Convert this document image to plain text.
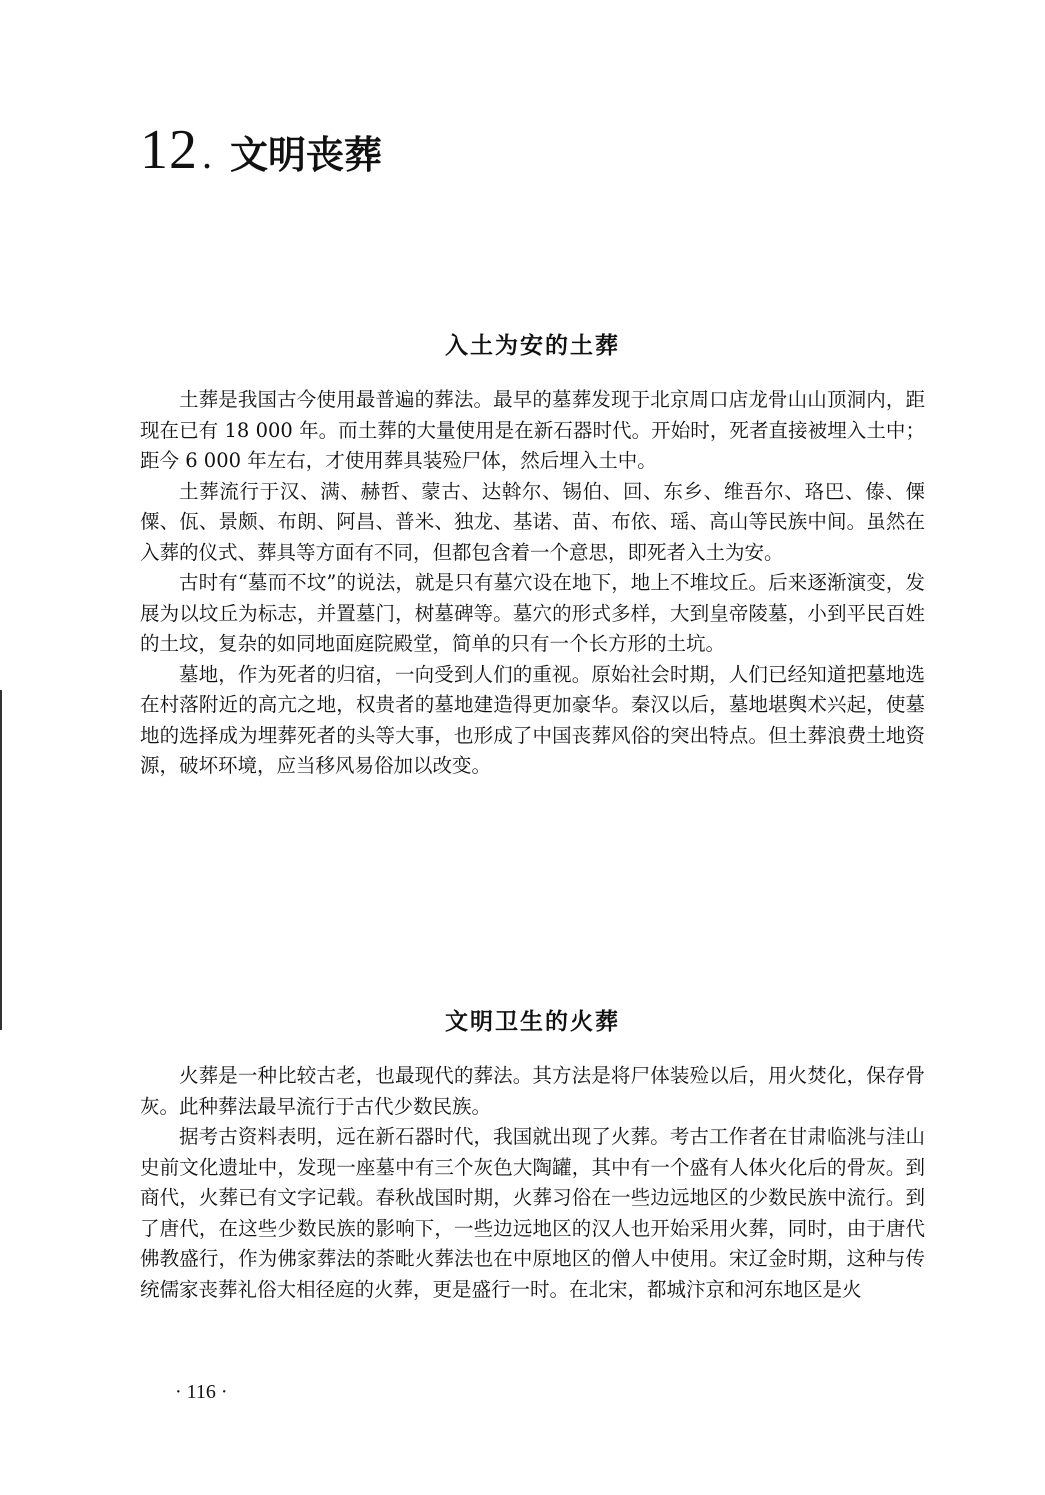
12 . 文明丧葬
入土为安的土葬

土葬是我国古今使用最普遍的葬法。最早的墓葬发现于北京周口店龙骨山山顶洞内，距现在已有 18 000 年。而土葬的大量使用是在新石器时代。开始时，死者直接被埋入土中；距今 6 000 年左右，才使用葬具装殓尸体，然后埋入土中。

土葬流行于汉、满、赫哲、蒙古、达斡尔、锡伯、回、东乡、维吾尔、珞巴、傣、傈僳、佤、景颇、布朗、阿昌、普米、独龙、基诺、苗、布依、瑶、高山等民族中间。虽然在入葬的仪式、葬具等方面有不同，但都包含着一个意思，即死者入土为安。

古时有“墓而不坟”的说法，就是只有墓穴设在地下，地上不堆坟丘。后来逐渐演变，发展为以坟丘为标志，并置墓门，树墓碑等。墓穴的形式多样，大到皇帝陵墓，小到平民百姓的土坟，复杂的如同地面庭院殿堂，简单的只有一个长方形的土坑。

墓地，作为死者的归宿，一向受到人们的重视。原始社会时期，人们已经知道把墓地选在村落附近的高亢之地，权贵者的墓地建造得更加豪华。秦汉以后，墓地堪舆术兴起，使墓地的选择成为埋葬死者的头等大事，也形成了中国丧葬风俗的突出特点。但土葬浪费土地资源，破坏环境，应当移风易俗加以改变。

文明卫生的火葬

火葬是一种比较古老，也最现代的葬法。其方法是将尸体装殓以后，用火焚化，保存骨灰。此种葬法最早流行于古代少数民族。

据考古资料表明，远在新石器时代，我国就出现了火葬。考古工作者在甘肃临洮与洼山史前文化遗址中，发现一座墓中有三个灰色大陶罐，其中有一个盛有人体火化后的骨灰。到商代，火葬已有文字记载。春秋战国时期，火葬习俗在一些边远地区的少数民族中流行。到了唐代，在这些少数民族的影响下，一些边远地区的汉人也开始采用火葬，同时，由于唐代佛教盛行，作为佛家葬法的荼毗火葬法也在中原地区的僧人中使用。宋辽金时期，这种与传统儒家丧葬礼俗大相径庭的火葬，更是盛行一时。在北宋，都城汴京和河东地区是火

· 116 ·
